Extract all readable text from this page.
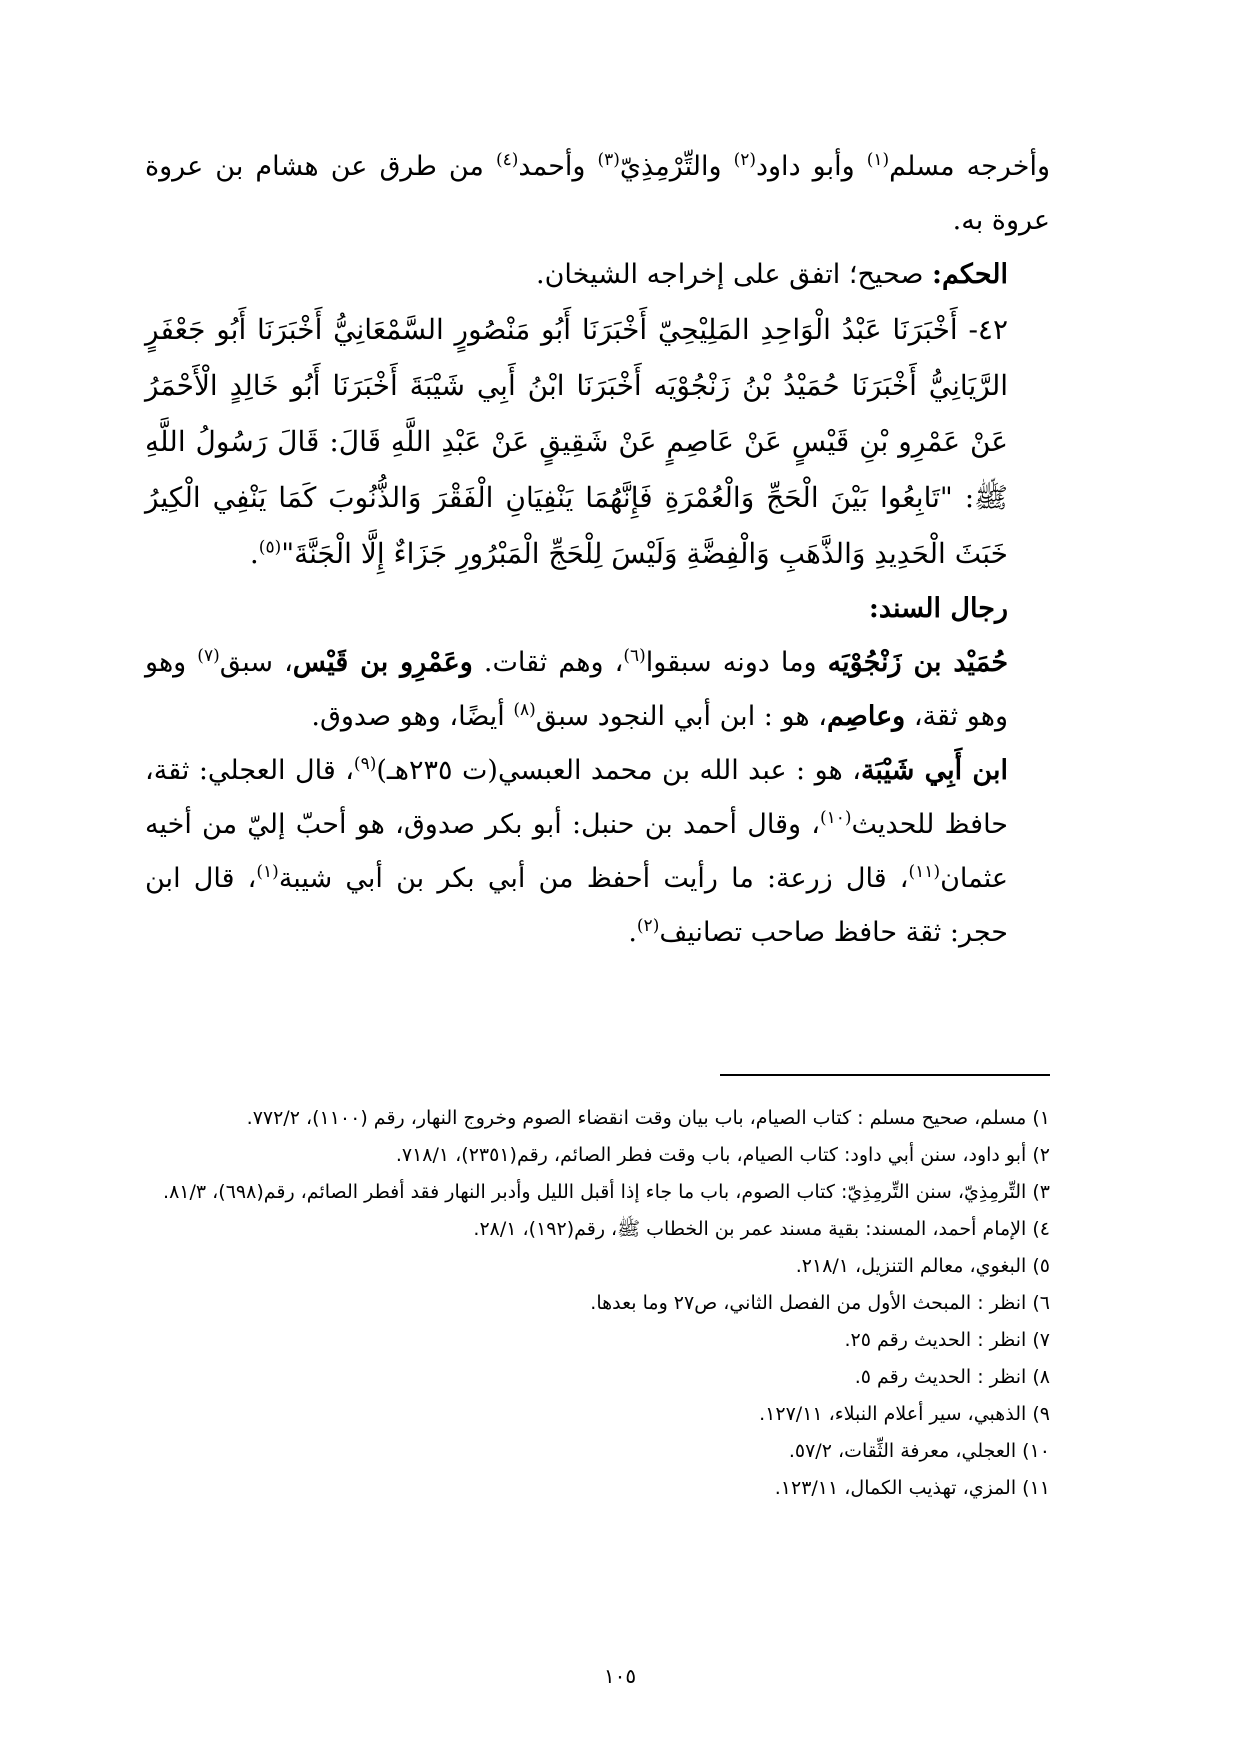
وأخرجه مسلم$^{(١)}$ وأبو داود$^{(٢)}$ والتِّرْمِذِيّ$^{(٣)}$ وأحمد$^{(٤)}$ من طرق عن هشام بن عروة عروة به.

الحكم: صحيح؛ اتفق على إخراجه الشيخان.

٤٢- أَخْبَرَنَا عَبْدُ الْوَاحِدِ المَلِيْحِيّ أَخْبَرَنَا أَبُو مَنْصُورٍ السَّمْعَانِيُّ أَخْبَرَنَا أَبُو جَعْفَرٍ الرَّيَانِيُّ أَخْبَرَنَا حُمَيْدُ بْنُ زَنْجُوْيَه أَخْبَرَنَا ابْنُ أَبِي شَيْبَةَ أَخْبَرَنَا أَبُو خَالِدٍ الْأَحْمَرُ عَنْ عَمْرِو بْنِ قَيْسٍ عَنْ عَاصِمٍ عَنْ شَقِيقٍ عَنْ عَبْدِ اللَّهِ قَالَ: قَالَ رَسُولُ اللَّهِ ﷺ: "تَابِعُوا بَيْنَ الْحَجِّ وَالْعُمْرَةِ فَإِنَّهُمَا يَنْفِيَانِ الْفَقْرَ وَالذُّنُوبَ كَمَا يَنْفِي الْكِيرُ خَبَثَ الْحَدِيدِ وَالذَّهَبِ وَالْفِضَّةِ وَلَيْسَ لِلْحَجِّ الْمَبْرُورِ جَزَاءٌ إِلَّا الْجَنَّةَ"$^{(٥)}$.

رجال السند:

حُمَيْد بن زَنْجُوْيَه وما دونه سبقوا$^{(٦)}$، وهم ثقات. وعَمْرِو بن قَيْس، سبق$^{(٧)}$ وهو وهو ثقة، وعاصِم، هو : ابن أبي النجود سبق$^{(٨)}$ أيضًا، وهو صدوق.

ابن أَبِي شَيْبَة، هو : عبد الله بن محمد العبسي(ت ٢٣٥هـ)$^{(٩)}$، قال العجلي: ثقة، حافظ للحديث$^{(١٠)}$، وقال أحمد بن حنبل: أبو بكر صدوق، هو أحبّ إليّ من أخيه عثمان$^{(١١)}$، قال زرعة: ما رأيت أحفظ من أبي بكر بن أبي شيبة$^{(١)}$، قال ابن حجر: ثقة حافظ صاحب تصانيف$^{(٢)}$.

١) مسلم، صحيح مسلم : كتاب الصيام، باب بيان وقت انقضاء الصوم وخروج النهار، رقم (١١٠٠)، ٧٧٢/٢.

٢) أبو داود، سنن أبي داود: كتاب الصيام، باب وقت فطر الصائم، رقم(٢٣٥١)، ٧١٨/١.

٣) التِّرمِذِيّ، سنن التِّرمِذِيّ: كتاب الصوم، باب ما جاء إذا أقبل الليل وأدبر النهار فقد أفطر الصائم، رقم(٦٩٨)، ٨١/٣.

٤) الإمام أحمد، المسند: بقية مسند عمر بن الخطاب ﷺ، رقم(١٩٢)، ٢٨/١.

٥) البغوي، معالم التنزيل، ٢١٨/١.

٦) انظر : المبحث الأول من الفصل الثاني، ص٢٧ وما بعدها.

٧) انظر : الحديث رقم ٢٥.

٨) انظر : الحديث رقم ٥.

٩) الذهبي، سير أعلام النبلاء، ١٢٧/١١.

١٠) العجلي، معرفة الثِّقات، ٥٧/٢.

١١) المزي، تهذيب الكمال، ١٢٣/١١.

١٠٥
